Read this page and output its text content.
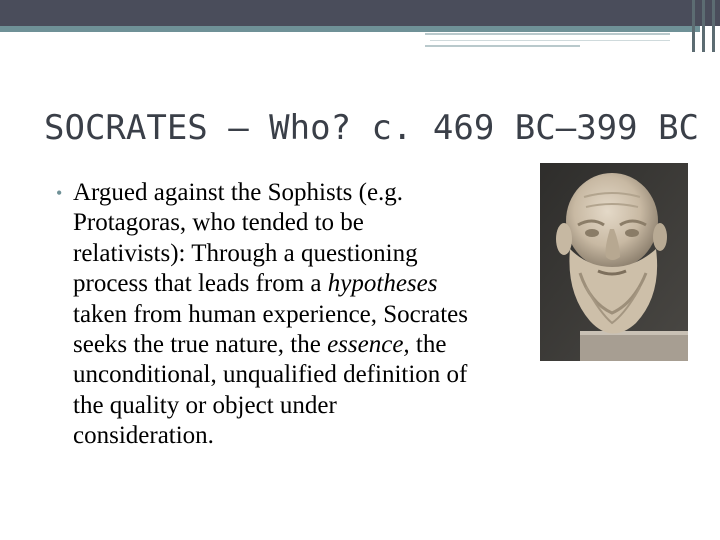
SOCRATES – Who? c. 469 BC–399 BC
• Argued against the Sophists (e.g. Protagoras, who tended to be relativists): Through a questioning process that leads from a hypotheses taken from human experience, Socrates seeks the true nature, the essence, the unconditional, unqualified definition of the quality or object under consideration.
